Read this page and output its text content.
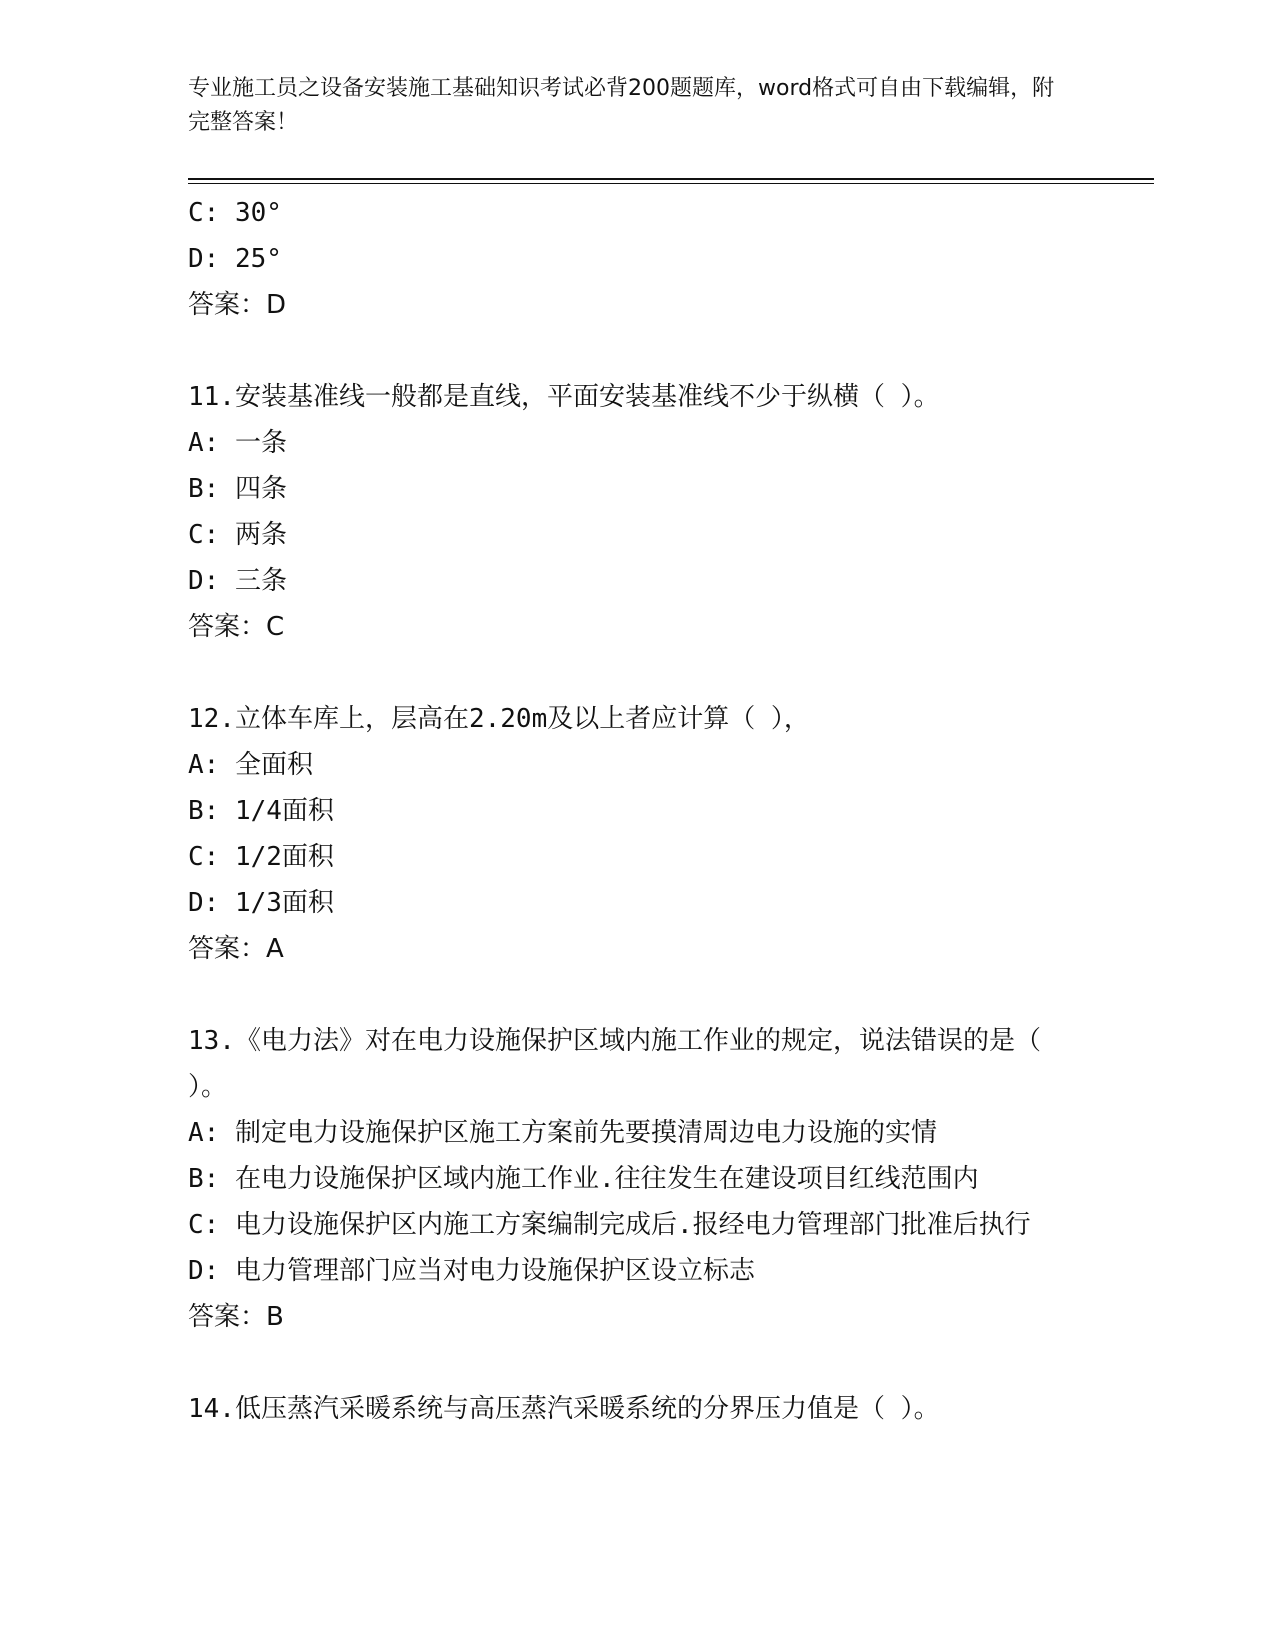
专业施工员之设备安装施工基础知识考试必背200题题库，word格式可自由下载编辑，附完整答案！
C: 30°
D: 25°
答案：D
11.安装基准线一般都是直线，平面安装基准线不少于纵横（ ）。
A: 一条
B: 四条
C: 两条
D: 三条
答案：C
12.立体车库上，层高在2.20m及以上者应计算（ ），
A: 全面积
B: 1/4面积
C: 1/2面积
D: 1/3面积
答案：A
13.《电力法》对在电力设施保护区域内施工作业的规定，说法错误的是（ ）。
A: 制定电力设施保护区施工方案前先要摸清周边电力设施的实情
B: 在电力设施保护区域内施工作业.往往发生在建设项目红线范围内
C: 电力设施保护区内施工方案编制完成后.报经电力管理部门批准后执行
D: 电力管理部门应当对电力设施保护区设立标志
答案：B
14.低压蒸汽采暖系统与高压蒸汽采暖系统的分界压力值是（ ）。
